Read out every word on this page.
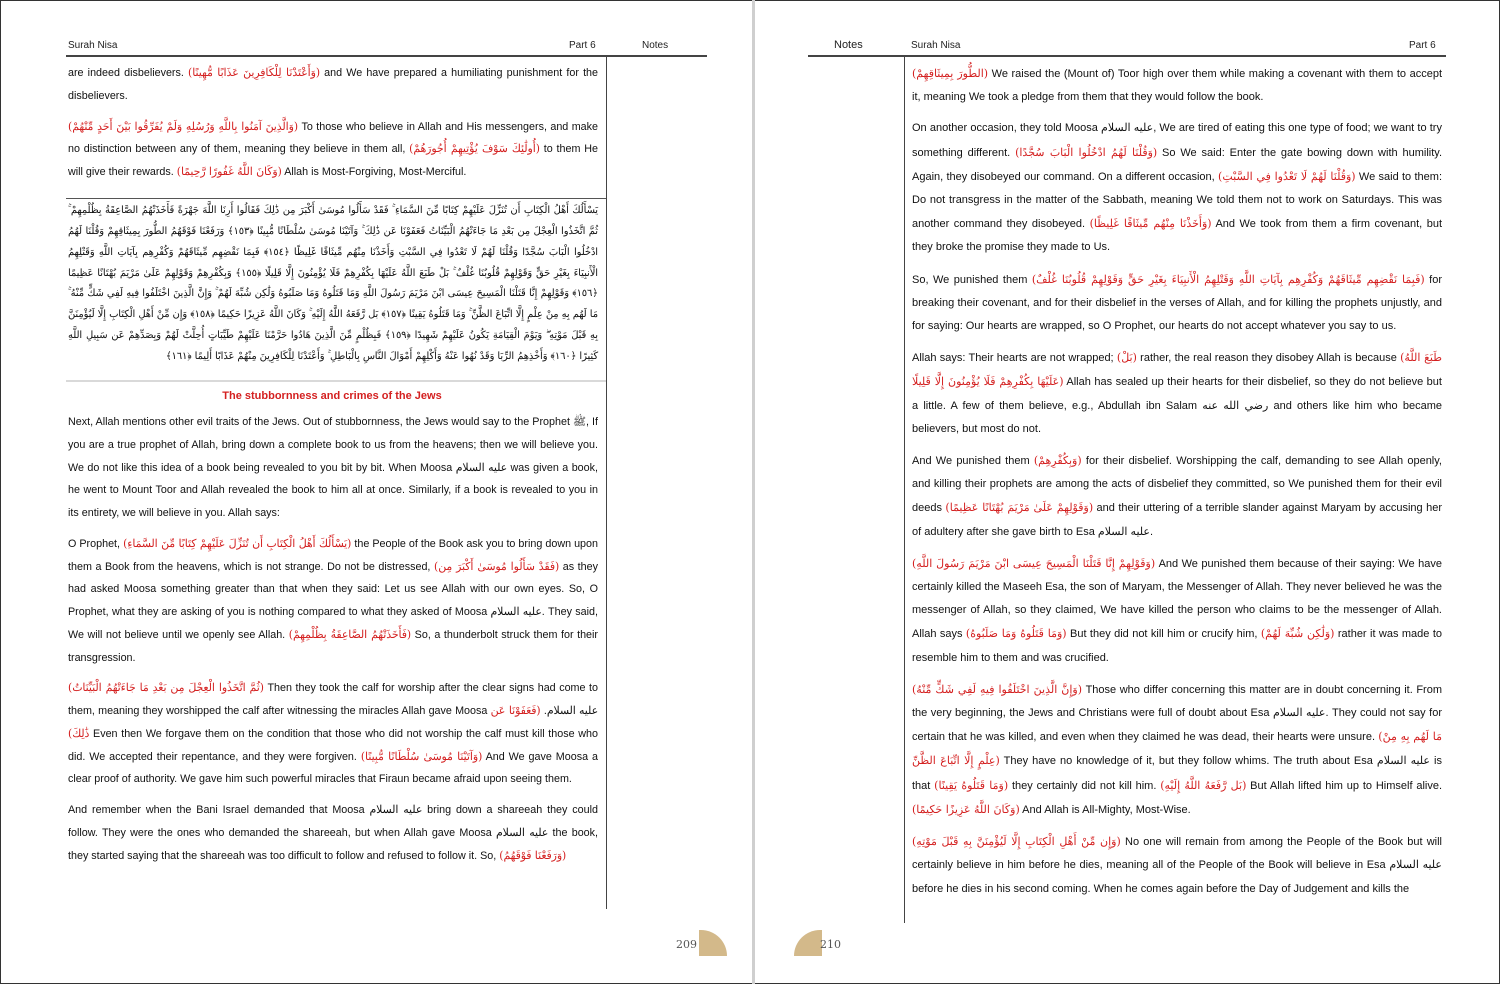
Surah Nisa	Part 6	Notes

are indeed disbelievers. (وَأَعْتَدْنَا لِلْكَافِرِينَ عَذَابًا مُّهِينًا) and We have prepared a humiliating punishment for the disbelievers.

(وَالَّذِينَ آمَنُوا بِاللَّهِ وَرُسُلِهِ وَلَمْ يُفَرِّقُوا بَيْنَ أَحَدٍ مِّنْهُمْ) To those who believe in Allah and His messengers, and make no distinction between any of them, meaning they believe in them all, (أُولَٰئِكَ سَوْفَ يُؤْتِيهِمْ أُجُورَهُمْ) to them He will give their rewards. (وَكَانَ اللَّهُ غَفُورًا رَّحِيمًا) Allah is Most-Forgiving, Most-Merciful.

يَسْأَلُكَ أَهْلُ الْكِتَابِ أَن تُنَزِّلَ عَلَيْهِمْ كِتَابًا مِّنَ السَّمَاءِ ۚ فَقَدْ سَأَلُوا مُوسَىٰ أَكْبَرَ مِن ذَٰلِكَ فَقَالُوا أَرِنَا اللَّهَ جَهْرَةً فَأَخَذَتْهُمُ الصَّاعِقَةُ بِظُلْمِهِمْ ۚ ثُمَّ اتَّخَذُوا الْعِجْلَ مِن بَعْدِ مَا جَاءَتْهُمُ الْبَيِّنَاتُ فَعَفَوْنَا عَن ذَٰلِكَ ۚ وَآتَيْنَا مُوسَىٰ سُلْطَانًا مُّبِينًا ﴿١٥٣﴾ وَرَفَعْنَا فَوْقَهُمُ الطُّورَ بِمِيثَاقِهِمْ وَقُلْنَا لَهُمُ ادْخُلُوا الْبَابَ سُجَّدًا وَقُلْنَا لَهُمْ لَا تَعْدُوا فِي السَّبْتِ وَأَخَذْنَا مِنْهُم مِّيثَاقًا غَلِيظًا ﴿١٥٤﴾ فَبِمَا نَقْضِهِم مِّيثَاقَهُمْ وَكُفْرِهِم بِآيَاتِ اللَّهِ وَقَتْلِهِمُ الْأَنبِيَاءَ بِغَيْرِ حَقٍّ وَقَوْلِهِمْ قُلُوبُنَا غُلْفٌ ۚ بَلْ طَبَعَ اللَّهُ عَلَيْهَا بِكُفْرِهِمْ فَلَا يُؤْمِنُونَ إِلَّا قَلِيلًا ﴿١٥٥﴾ وَبِكُفْرِهِمْ وَقَوْلِهِمْ عَلَىٰ مَرْيَمَ بُهْتَانًا عَظِيمًا ﴿١٥٦﴾ وَقَوْلِهِمْ إِنَّا قَتَلْنَا الْمَسِيحَ عِيسَى ابْنَ مَرْيَمَ رَسُولَ اللَّهِ وَمَا قَتَلُوهُ وَمَا صَلَبُوهُ وَلَٰكِن شُبِّهَ لَهُمْ ۚ وَإِنَّ الَّذِينَ اخْتَلَفُوا فِيهِ لَفِي شَكٍّ مِّنْهُ ۚ مَا لَهُم بِهِ مِنْ عِلْمٍ إِلَّا اتِّبَاعَ الظَّنِّ ۚ وَمَا قَتَلُوهُ يَقِينًا ﴿١٥٧﴾ بَل رَّفَعَهُ اللَّهُ إِلَيْهِ ۚ وَكَانَ اللَّهُ عَزِيزًا حَكِيمًا ﴿١٥٨﴾ وَإِن مِّنْ أَهْلِ الْكِتَابِ إِلَّا لَيُؤْمِنَنَّ بِهِ قَبْلَ مَوْتِهِ ۖ وَيَوْمَ الْقِيَامَةِ يَكُونُ عَلَيْهِمْ شَهِيدًا ﴿١٥٩﴾ فَبِظُلْمٍ مِّنَ الَّذِينَ هَادُوا حَرَّمْنَا عَلَيْهِمْ طَيِّبَاتٍ أُحِلَّتْ لَهُمْ وَبِصَدِّهِمْ عَن سَبِيلِ اللَّهِ كَثِيرًا ﴿١٦٠﴾ وَأَخْذِهِمُ الرِّبَا وَقَدْ نُهُوا عَنْهُ وَأَكْلِهِمْ أَمْوَالَ النَّاسِ بِالْبَاطِلِ ۚ وَأَعْتَدْنَا لِلْكَافِرِينَ مِنْهُمْ عَذَابًا أَلِيمًا ﴿١٦١﴾
The stubbornness and crimes of the Jews

Next, Allah mentions other evil traits of the Jews. Out of stubbornness, the Jews would say to the Prophet ﷺ, If you are a true prophet of Allah, bring down a complete book to us from the heavens; then we will believe you. We do not like this idea of a book being revealed to you bit by bit. When Moosa عليه السلام was given a book, he went to Mount Toor and Allah revealed the book to him all at once. Similarly, if a book is revealed to you in its entirety, we will believe in you. Allah says:

O Prophet, (يَسْأَلُكَ أَهْلُ الْكِتَابِ أَن تُنَزِّلَ عَلَيْهِمْ كِتَابًا مِّنَ السَّمَاءِ) the People of the Book ask you to bring down upon them a Book from the heavens, which is not strange. Do not be distressed, (فَقَدْ سَأَلُوا مُوسَىٰ أَكْبَرَ مِن) as they had asked Moosa something greater than that when they said: Let us see Allah with our own eyes. So, O Prophet, what they are asking of you is nothing compared to what they asked of Moosa عليه السلام. They said, We will not believe until we openly see Allah. (فَأَخَذَتْهُمُ الصَّاعِقَةُ بِظُلْمِهِمْ) So, a thunderbolt struck them for their transgression.

(ثُمَّ اتَّخَذُوا الْعِجْلَ مِن بَعْدِ مَا جَاءَتْهُمُ الْبَيِّنَاتُ) Then they took the calf for worship after the clear signs had come to them, meaning they worshipped the calf after witnessing the miracles Allah gave Moosa عليه السلام. (فَعَفَوْنَا عَن ذَٰلِكَ) Even then We forgave them on the condition that those who did not worship the calf must kill those who did. We accepted their repentance, and they were forgiven. (وَآتَيْنَا مُوسَىٰ سُلْطَانًا مُّبِينًا) And We gave Moosa a clear proof of authority. We gave him such powerful miracles that Firaun became afraid upon seeing them.

And remember when the Bani Israel demanded that Moosa عليه السلام bring down a shareeah they could follow. They were the ones who demanded the shareeah, but when Allah gave Moosa عليه السلام the book, they started saying that the shareeah was too difficult to follow and refused to follow it. So, (وَرَفَعْنَا فَوْقَهُمُ)

209
Notes	Surah Nisa	Part 6

(الطُّورَ بِمِيثَاقِهِمْ) We raised the (Mount of) Toor high over them while making a covenant with them to accept it, meaning We took a pledge from them that they would follow the book.

On another occasion, they told Moosa عليه السلام, We are tired of eating this one type of food; we want to try something different. (وَقُلْنَا لَهُمُ ادْخُلُوا الْبَابَ سُجَّدًا) So We said: Enter the gate bowing down with humility. Again, they disobeyed our command. On a different occasion, (وَقُلْنَا لَهُمْ لَا تَعْدُوا فِي السَّبْتِ) We said to them: Do not transgress in the matter of the Sabbath, meaning We told them not to work on Saturdays. This was another command they disobeyed. (وَأَخَذْنَا مِنْهُم مِّيثَاقًا غَلِيظًا) And We took from them a firm covenant, but they broke the promise they made to Us.

So, We punished them (فَبِمَا نَقْضِهِم مِّيثَاقَهُمْ وَكُفْرِهِم بِآيَاتِ اللَّهِ وَقَتْلِهِمُ الْأَنبِيَاءَ بِغَيْرِ حَقٍّ وَقَوْلِهِمْ قُلُوبُنَا غُلْفٌ) for breaking their covenant, and for their disbelief in the verses of Allah, and for killing the prophets unjustly, and for saying: Our hearts are wrapped, so O Prophet, our hearts do not accept whatever you say to us.

Allah says: Their hearts are not wrapped; (بَلْ) rather, the real reason they disobey Allah is because (طَبَعَ اللَّهُ عَلَيْهَا بِكُفْرِهِمْ فَلَا يُؤْمِنُونَ إِلَّا قَلِيلًا) Allah has sealed up their hearts for their disbelief, so they do not believe but a little. A few of them believe, e.g., Abdullah ibn Salam رضي الله عنه and others like him who became believers, but most do not.

And We punished them (وَبِكُفْرِهِمْ) for their disbelief. Worshipping the calf, demanding to see Allah openly, and killing their prophets are among the acts of disbelief they committed, so We punished them for their evil deeds (وَقَوْلِهِمْ عَلَىٰ مَرْيَمَ بُهْتَانًا عَظِيمًا) and their uttering of a terrible slander against Maryam by accusing her of adultery after she gave birth to Esa عليه السلام.

(وَقَوْلِهِمْ إِنَّا قَتَلْنَا الْمَسِيحَ عِيسَى ابْنَ مَرْيَمَ رَسُولَ اللَّهِ) And We punished them because of their saying: We have certainly killed the Maseeh Esa, the son of Maryam, the Messenger of Allah. They never believed he was the messenger of Allah, so they claimed, We have killed the person who claims to be the messenger of Allah. Allah says (وَمَا قَتَلُوهُ وَمَا صَلَبُوهُ) But they did not kill him or crucify him, (وَلَٰكِن شُبِّهَ لَهُمْ) rather it was made to resemble him to them and was crucified.

(وَإِنَّ الَّذِينَ اخْتَلَفُوا فِيهِ لَفِي شَكٍّ مِّنْهُ) Those who differ concerning this matter are in doubt concerning it. From the very beginning, the Jews and Christians were full of doubt about Esa عليه السلام. They could not say for certain that he was killed, and even when they claimed he was dead, their hearts were unsure. (مَا لَهُم بِهِ مِنْ عِلْمٍ إِلَّا اتِّبَاعَ الظَّنِّ) They have no knowledge of it, but they follow whims. The truth about Esa عليه السلام is that (وَمَا قَتَلُوهُ يَقِينًا) they certainly did not kill him. (بَل رَّفَعَهُ اللَّهُ إِلَيْهِ) But Allah lifted him up to Himself alive. (وَكَانَ اللَّهُ عَزِيزًا حَكِيمًا) And Allah is All-Mighty, Most-Wise.

(وَإِن مِّنْ أَهْلِ الْكِتَابِ إِلَّا لَيُؤْمِنَنَّ بِهِ قَبْلَ مَوْتِهِ) No one will remain from among the People of the Book but will certainly believe in him before he dies, meaning all of the People of the Book will believe in Esa عليه السلام before he dies in his second coming. When he comes again before the Day of Judgement and kills the

210
